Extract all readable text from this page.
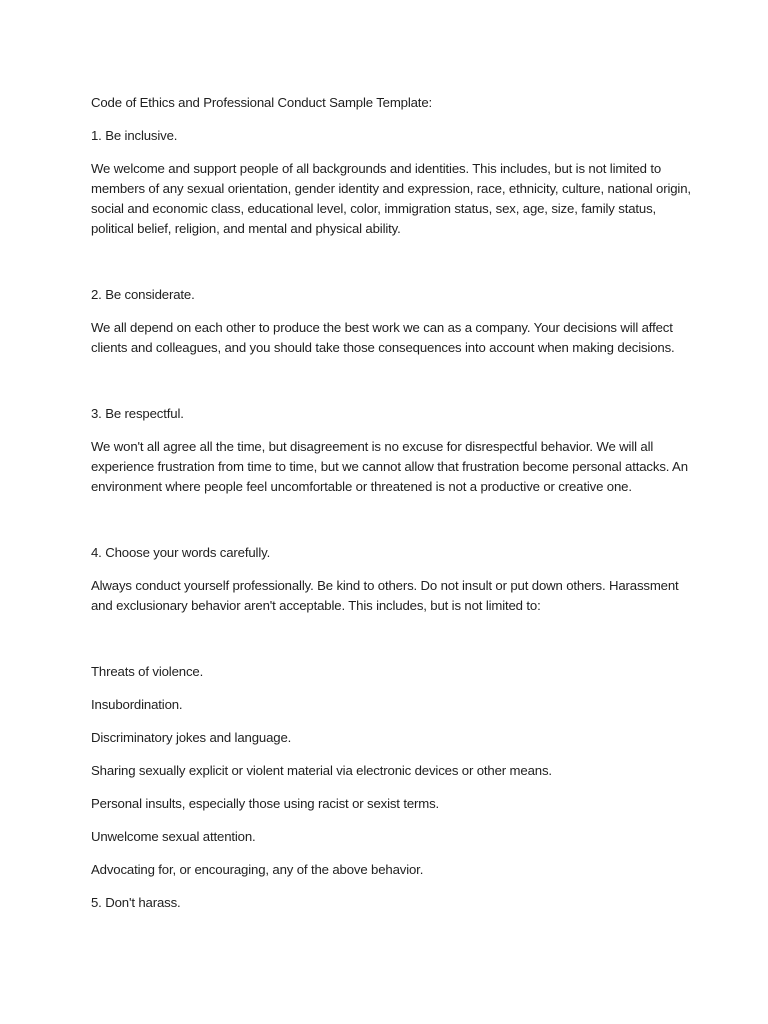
Code of Ethics and Professional Conduct Sample Template:

1. Be inclusive.

We welcome and support people of all backgrounds and identities. This includes, but is not limited to members of any sexual orientation, gender identity and expression, race, ethnicity, culture, national origin, social and economic class, educational level, color, immigration status, sex, age, size, family status, political belief, religion, and mental and physical ability.

2. Be considerate.

We all depend on each other to produce the best work we can as a company. Your decisions will affect clients and colleagues, and you should take those consequences into account when making decisions.

3. Be respectful.

We won't all agree all the time, but disagreement is no excuse for disrespectful behavior. We will all experience frustration from time to time, but we cannot allow that frustration become personal attacks. An environment where people feel uncomfortable or threatened is not a productive or creative one.

4. Choose your words carefully.

Always conduct yourself professionally. Be kind to others. Do not insult or put down others. Harassment and exclusionary behavior aren't acceptable. This includes, but is not limited to:

Threats of violence.

Insubordination.

Discriminatory jokes and language.

Sharing sexually explicit or violent material via electronic devices or other means.

Personal insults, especially those using racist or sexist terms.

Unwelcome sexual attention.

Advocating for, or encouraging, any of the above behavior.

5. Don't harass.
